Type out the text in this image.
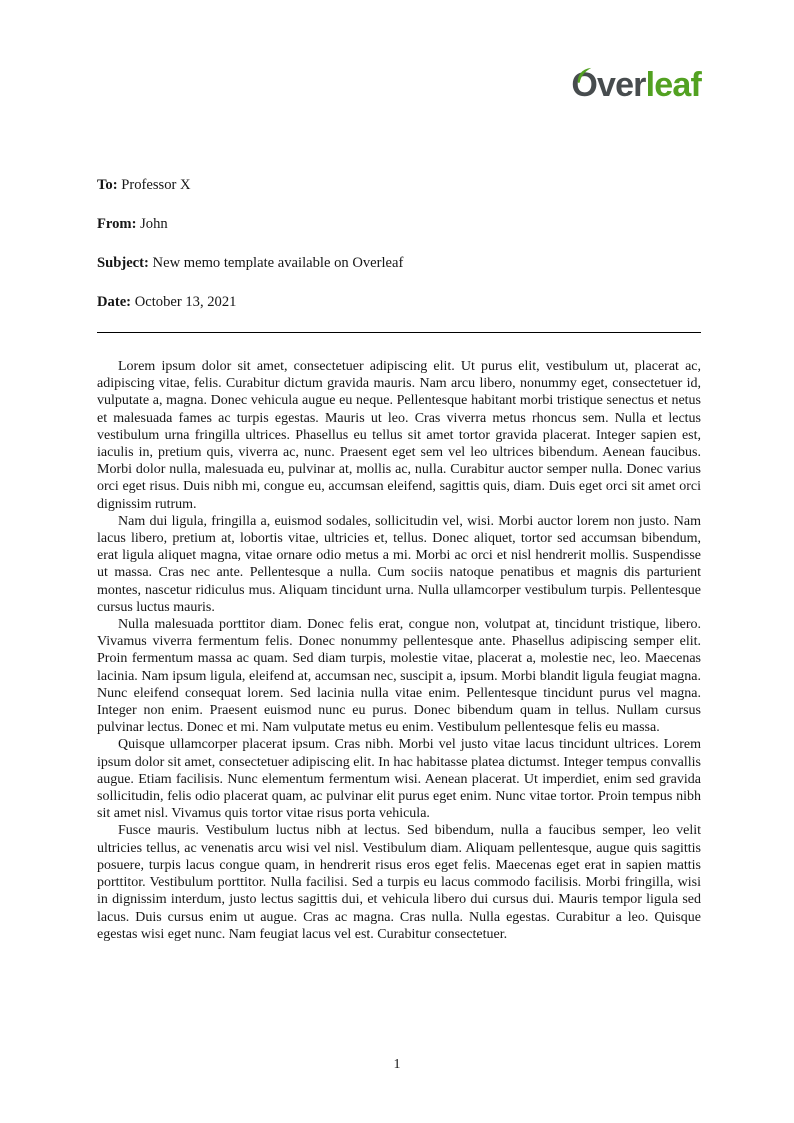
Overleaf

To: Professor X

From: John

Subject: New memo template available on Overleaf

Date: October 13, 2021

Lorem ipsum dolor sit amet, consectetuer adipiscing elit. Ut purus elit, vestibulum ut, placerat ac, adipiscing vitae, felis. Curabitur dictum gravida mauris. Nam arcu libero, nonummy eget, consectetuer id, vulputate a, magna. Donec vehicula augue eu neque. Pellentesque habitant morbi tristique senectus et netus et malesuada fames ac turpis egestas. Mauris ut leo. Cras viverra metus rhoncus sem. Nulla et lectus vestibulum urna fringilla ultrices. Phasellus eu tellus sit amet tortor gravida placerat. Integer sapien est, iaculis in, pretium quis, viverra ac, nunc. Praesent eget sem vel leo ultrices bibendum. Aenean faucibus. Morbi dolor nulla, malesuada eu, pulvinar at, mollis ac, nulla. Curabitur auctor semper nulla. Donec varius orci eget risus. Duis nibh mi, congue eu, accumsan eleifend, sagittis quis, diam. Duis eget orci sit amet orci dignissim rutrum.

Nam dui ligula, fringilla a, euismod sodales, sollicitudin vel, wisi. Morbi auctor lorem non justo. Nam lacus libero, pretium at, lobortis vitae, ultricies et, tellus. Donec aliquet, tortor sed accumsan bibendum, erat ligula aliquet magna, vitae ornare odio metus a mi. Morbi ac orci et nisl hendrerit mollis. Suspendisse ut massa. Cras nec ante. Pellentesque a nulla. Cum sociis natoque penatibus et magnis dis parturient montes, nascetur ridiculus mus. Aliquam tincidunt urna. Nulla ullamcorper vestibulum turpis. Pellentesque cursus luctus mauris.

Nulla malesuada porttitor diam. Donec felis erat, congue non, volutpat at, tincidunt tristique, libero. Vivamus viverra fermentum felis. Donec nonummy pellentesque ante. Phasellus adipiscing semper elit. Proin fermentum massa ac quam. Sed diam turpis, molestie vitae, placerat a, molestie nec, leo. Maecenas lacinia. Nam ipsum ligula, eleifend at, accumsan nec, suscipit a, ipsum. Morbi blandit ligula feugiat magna. Nunc eleifend consequat lorem. Sed lacinia nulla vitae enim. Pellentesque tincidunt purus vel magna. Integer non enim. Praesent euismod nunc eu purus. Donec bibendum quam in tellus. Nullam cursus pulvinar lectus. Donec et mi. Nam vulputate metus eu enim. Vestibulum pellentesque felis eu massa.

Quisque ullamcorper placerat ipsum. Cras nibh. Morbi vel justo vitae lacus tincidunt ultrices. Lorem ipsum dolor sit amet, consectetuer adipiscing elit. In hac habitasse platea dictumst. Integer tempus convallis augue. Etiam facilisis. Nunc elementum fermentum wisi. Aenean placerat. Ut imperdiet, enim sed gravida sollicitudin, felis odio placerat quam, ac pulvinar elit purus eget enim. Nunc vitae tortor. Proin tempus nibh sit amet nisl. Vivamus quis tortor vitae risus porta vehicula.

Fusce mauris. Vestibulum luctus nibh at lectus. Sed bibendum, nulla a faucibus semper, leo velit ultricies tellus, ac venenatis arcu wisi vel nisl. Vestibulum diam. Aliquam pellentesque, augue quis sagittis posuere, turpis lacus congue quam, in hendrerit risus eros eget felis. Maecenas eget erat in sapien mattis porttitor. Vestibulum porttitor. Nulla facilisi. Sed a turpis eu lacus commodo facilisis. Morbi fringilla, wisi in dignissim interdum, justo lectus sagittis dui, et vehicula libero dui cursus dui. Mauris tempor ligula sed lacus. Duis cursus enim ut augue. Cras ac magna. Cras nulla. Nulla egestas. Curabitur a leo. Quisque egestas wisi eget nunc. Nam feugiat lacus vel est. Curabitur consectetuer.

1
